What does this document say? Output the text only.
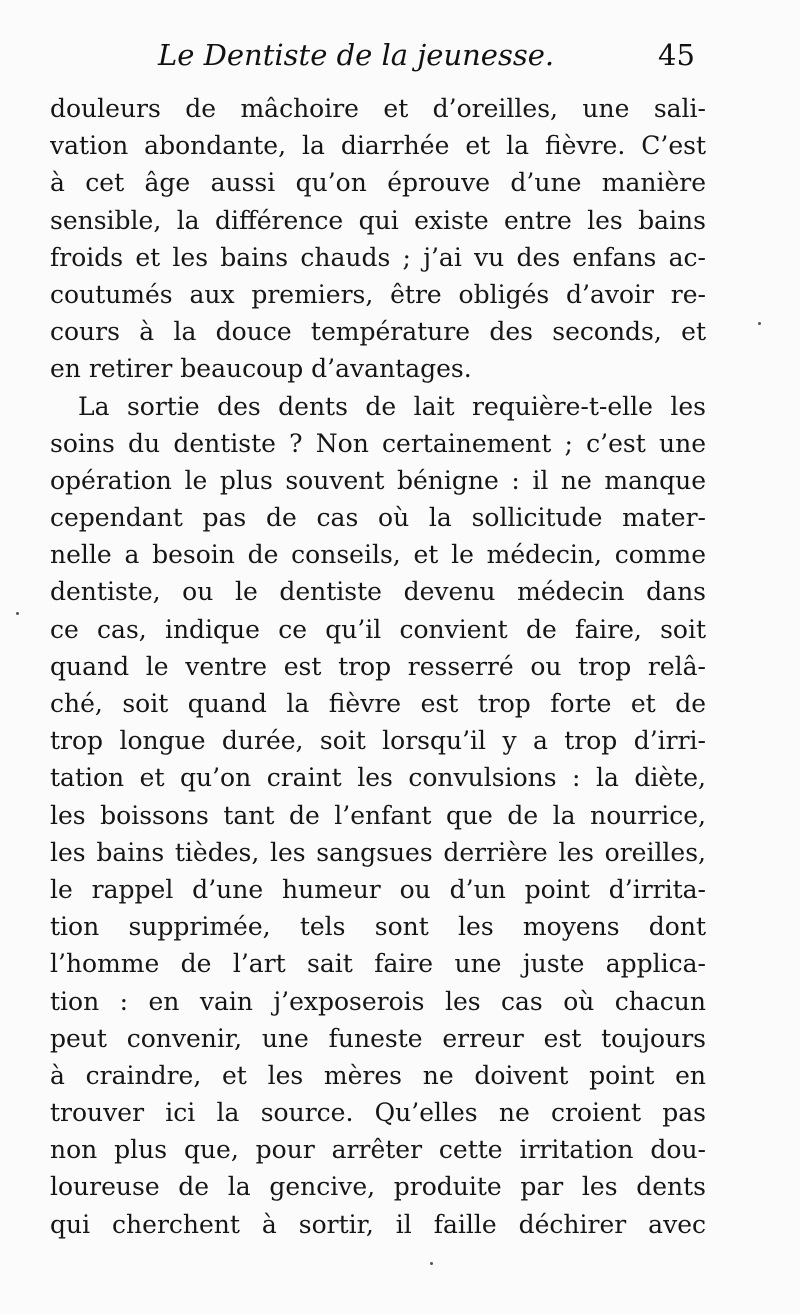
Le Dentiste de la jeunesse.	45
douleurs de mâchoire et d’oreilles, une sali-
vation abondante, la diarrhée et la fièvre. C’est
à cet âge aussi qu’on éprouve d’une manière
sensible, la différence qui existe entre les bains
froids et les bains chauds ; j’ai vu des enfans ac-
coutumés aux premiers, être obligés d’avoir re-
cours à la douce température des seconds, et
en retirer beaucoup d’avantages.
La sortie des dents de lait requière-t-elle les
soins du dentiste ? Non certainement ; c’est une
opération le plus souvent bénigne : il ne manque
cependant pas de cas où la sollicitude mater-
nelle a besoin de conseils, et le médecin, comme
dentiste, ou le dentiste devenu médecin dans
ce cas, indique ce qu’il convient de faire, soit
quand le ventre est trop resserré ou trop relâ-
ché, soit quand la fièvre est trop forte et de
trop longue durée, soit lorsqu’il y a trop d’irri-
tation et qu’on craint les convulsions : la diète,
les boissons tant de l’enfant que de la nourrice,
les bains tièdes, les sangsues derrière les oreilles,
le rappel d’une humeur ou d’un point d’irrita-
tion supprimée, tels sont les moyens dont
l’homme de l’art sait faire une juste applica-
tion : en vain j’exposerois les cas où chacun
peut convenir, une funeste erreur est toujours
à craindre, et les mères ne doivent point en
trouver ici la source. Qu’elles ne croient pas
non plus que, pour arrêter cette irritation dou-
loureuse de la gencive, produite par les dents
qui cherchent à sortir, il faille déchirer avec
